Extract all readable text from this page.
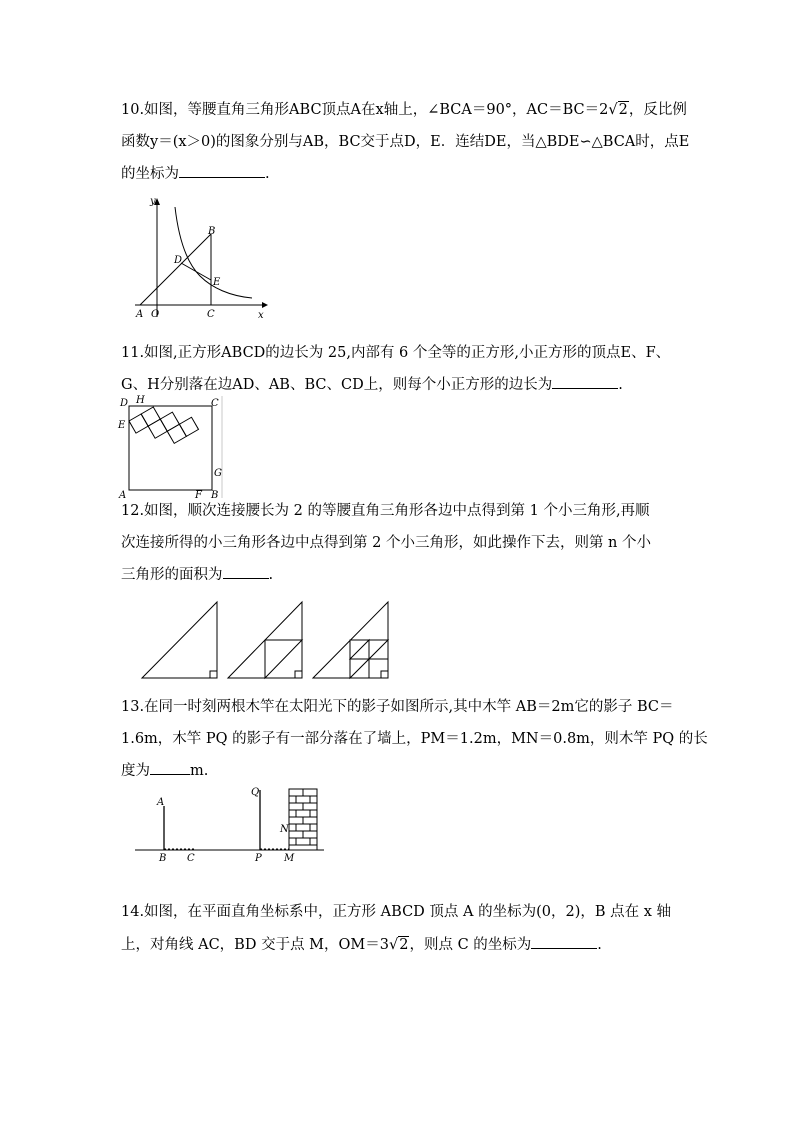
10.如图，等腰直角三角形ABC顶点A在x轴上，∠BCA＝90°，AC＝BC＝2√2，反比例
函数y＝(x＞0)的图象分别与AB，BC交于点D，E．连结DE，当△BDE∽△BCA时，点E
的坐标为	.
y
x
A O	C
B
D
E
11.如图,正方形ABCD的边长为 25,内部有 6 个全等的正方形,小正方形的顶点E、F、
G、H分别落在边AD、AB、BC、CD上，则每个小正方形的边长为	.
D H	C
E
G
A	F B
12.如图，顺次连接腰长为 2 的等腰直角三角形各边中点得到第 1 个小三角形,再顺
次连接所得的小三角形各边中点得到第 2 个小三角形，如此操作下去，则第 n 个小
三角形的面积为	.
13.在同一时刻两根木竿在太阳光下的影子如图所示,其中木竿 AB＝2m它的影子 BC＝
1.6m，木竿 PQ 的影子有一部分落在了墙上，PM＝1.2m，MN＝0.8m，则木竿 PQ 的长
度为	m.
A
B C
Q
P
N
M
14.如图，在平面直角坐标系中，正方形 ABCD 顶点 A 的坐标为(0，2)，B 点在 x 轴
上，对角线 AC，BD 交于点 M，OM＝3√2，则点 C 的坐标为	.
